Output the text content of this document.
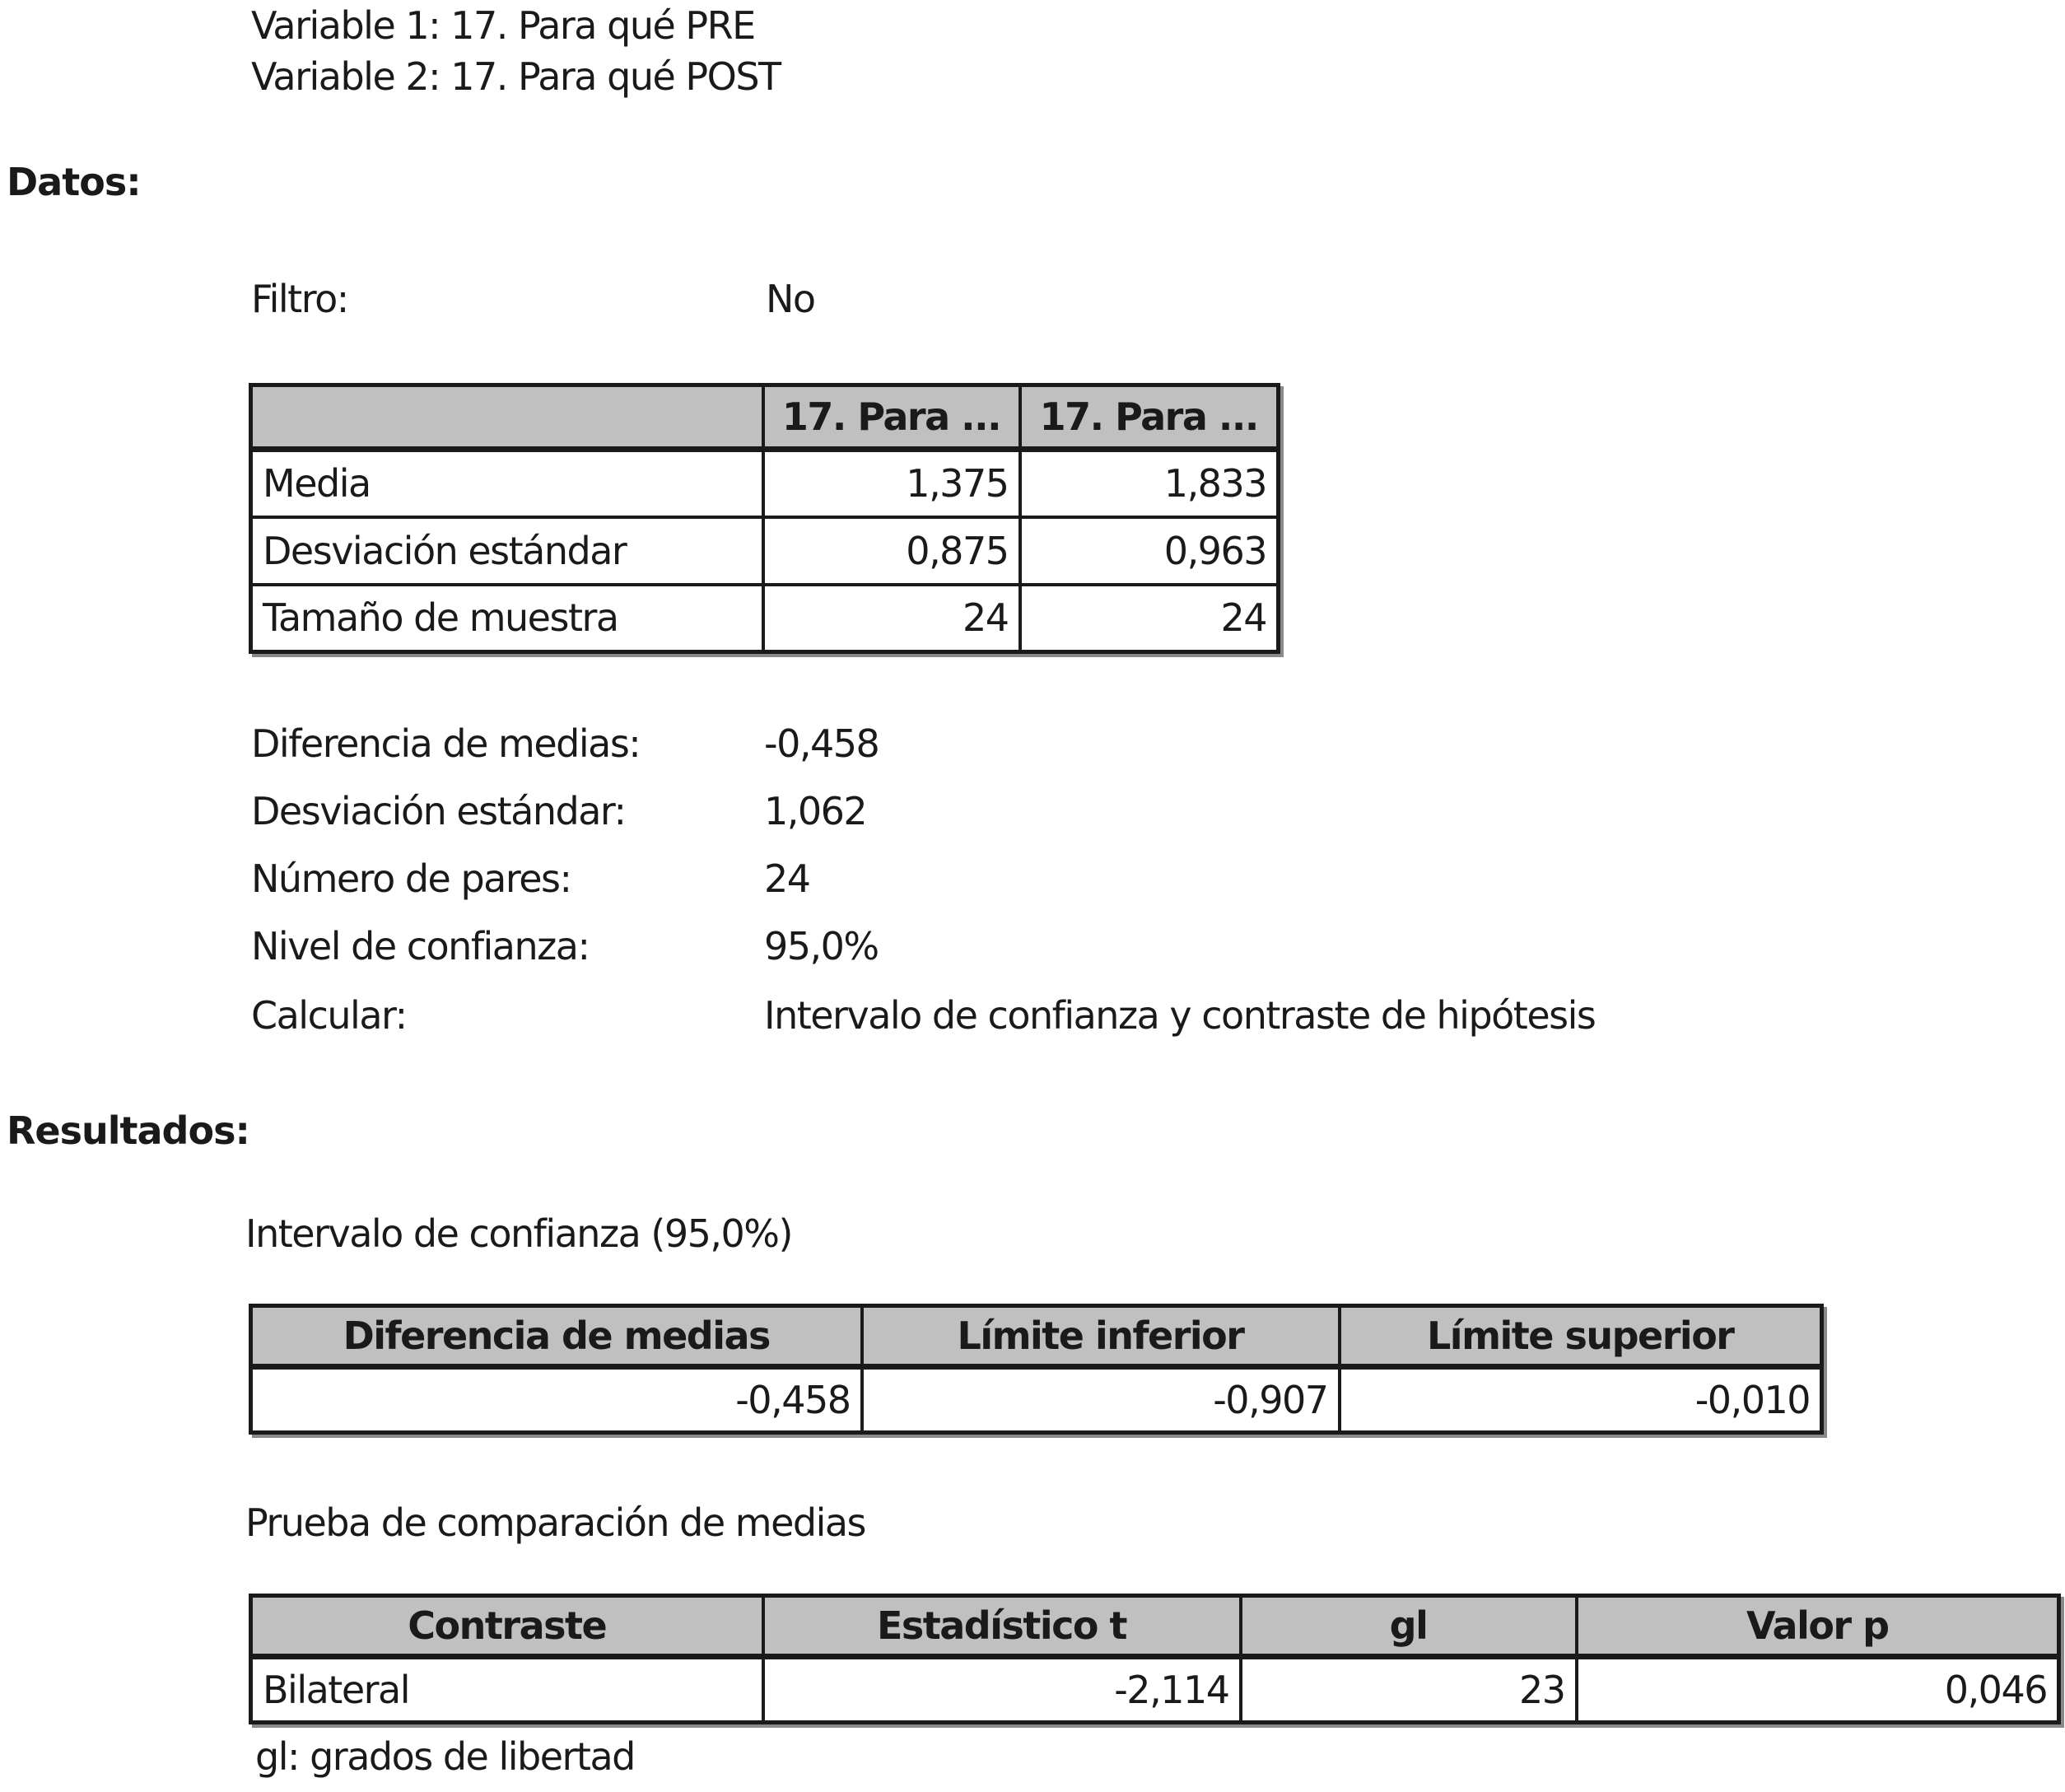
Variable 1: 17. Para qué PRE
Variable 2: 17. Para qué POST
Datos:
Filtro:	No
	17. Para ...	17. Para ...
Media	1,375	1,833
Desviación estándar	0,875	0,963
Tamaño de muestra	24	24
Diferencia de medias:	-0,458
Desviación estándar:	1,062
Número de pares:	24
Nivel de confianza:	95,0%
Calcular:	Intervalo de confianza y contraste de hipótesis
Resultados:
Intervalo de confianza (95,0%)
Diferencia de medias	Límite inferior	Límite superior
-0,458	-0,907	-0,010
Prueba de comparación de medias
Contraste	Estadístico t	gl	Valor p
Bilateral	-2,114	23	0,046
gl: grados de libertad
